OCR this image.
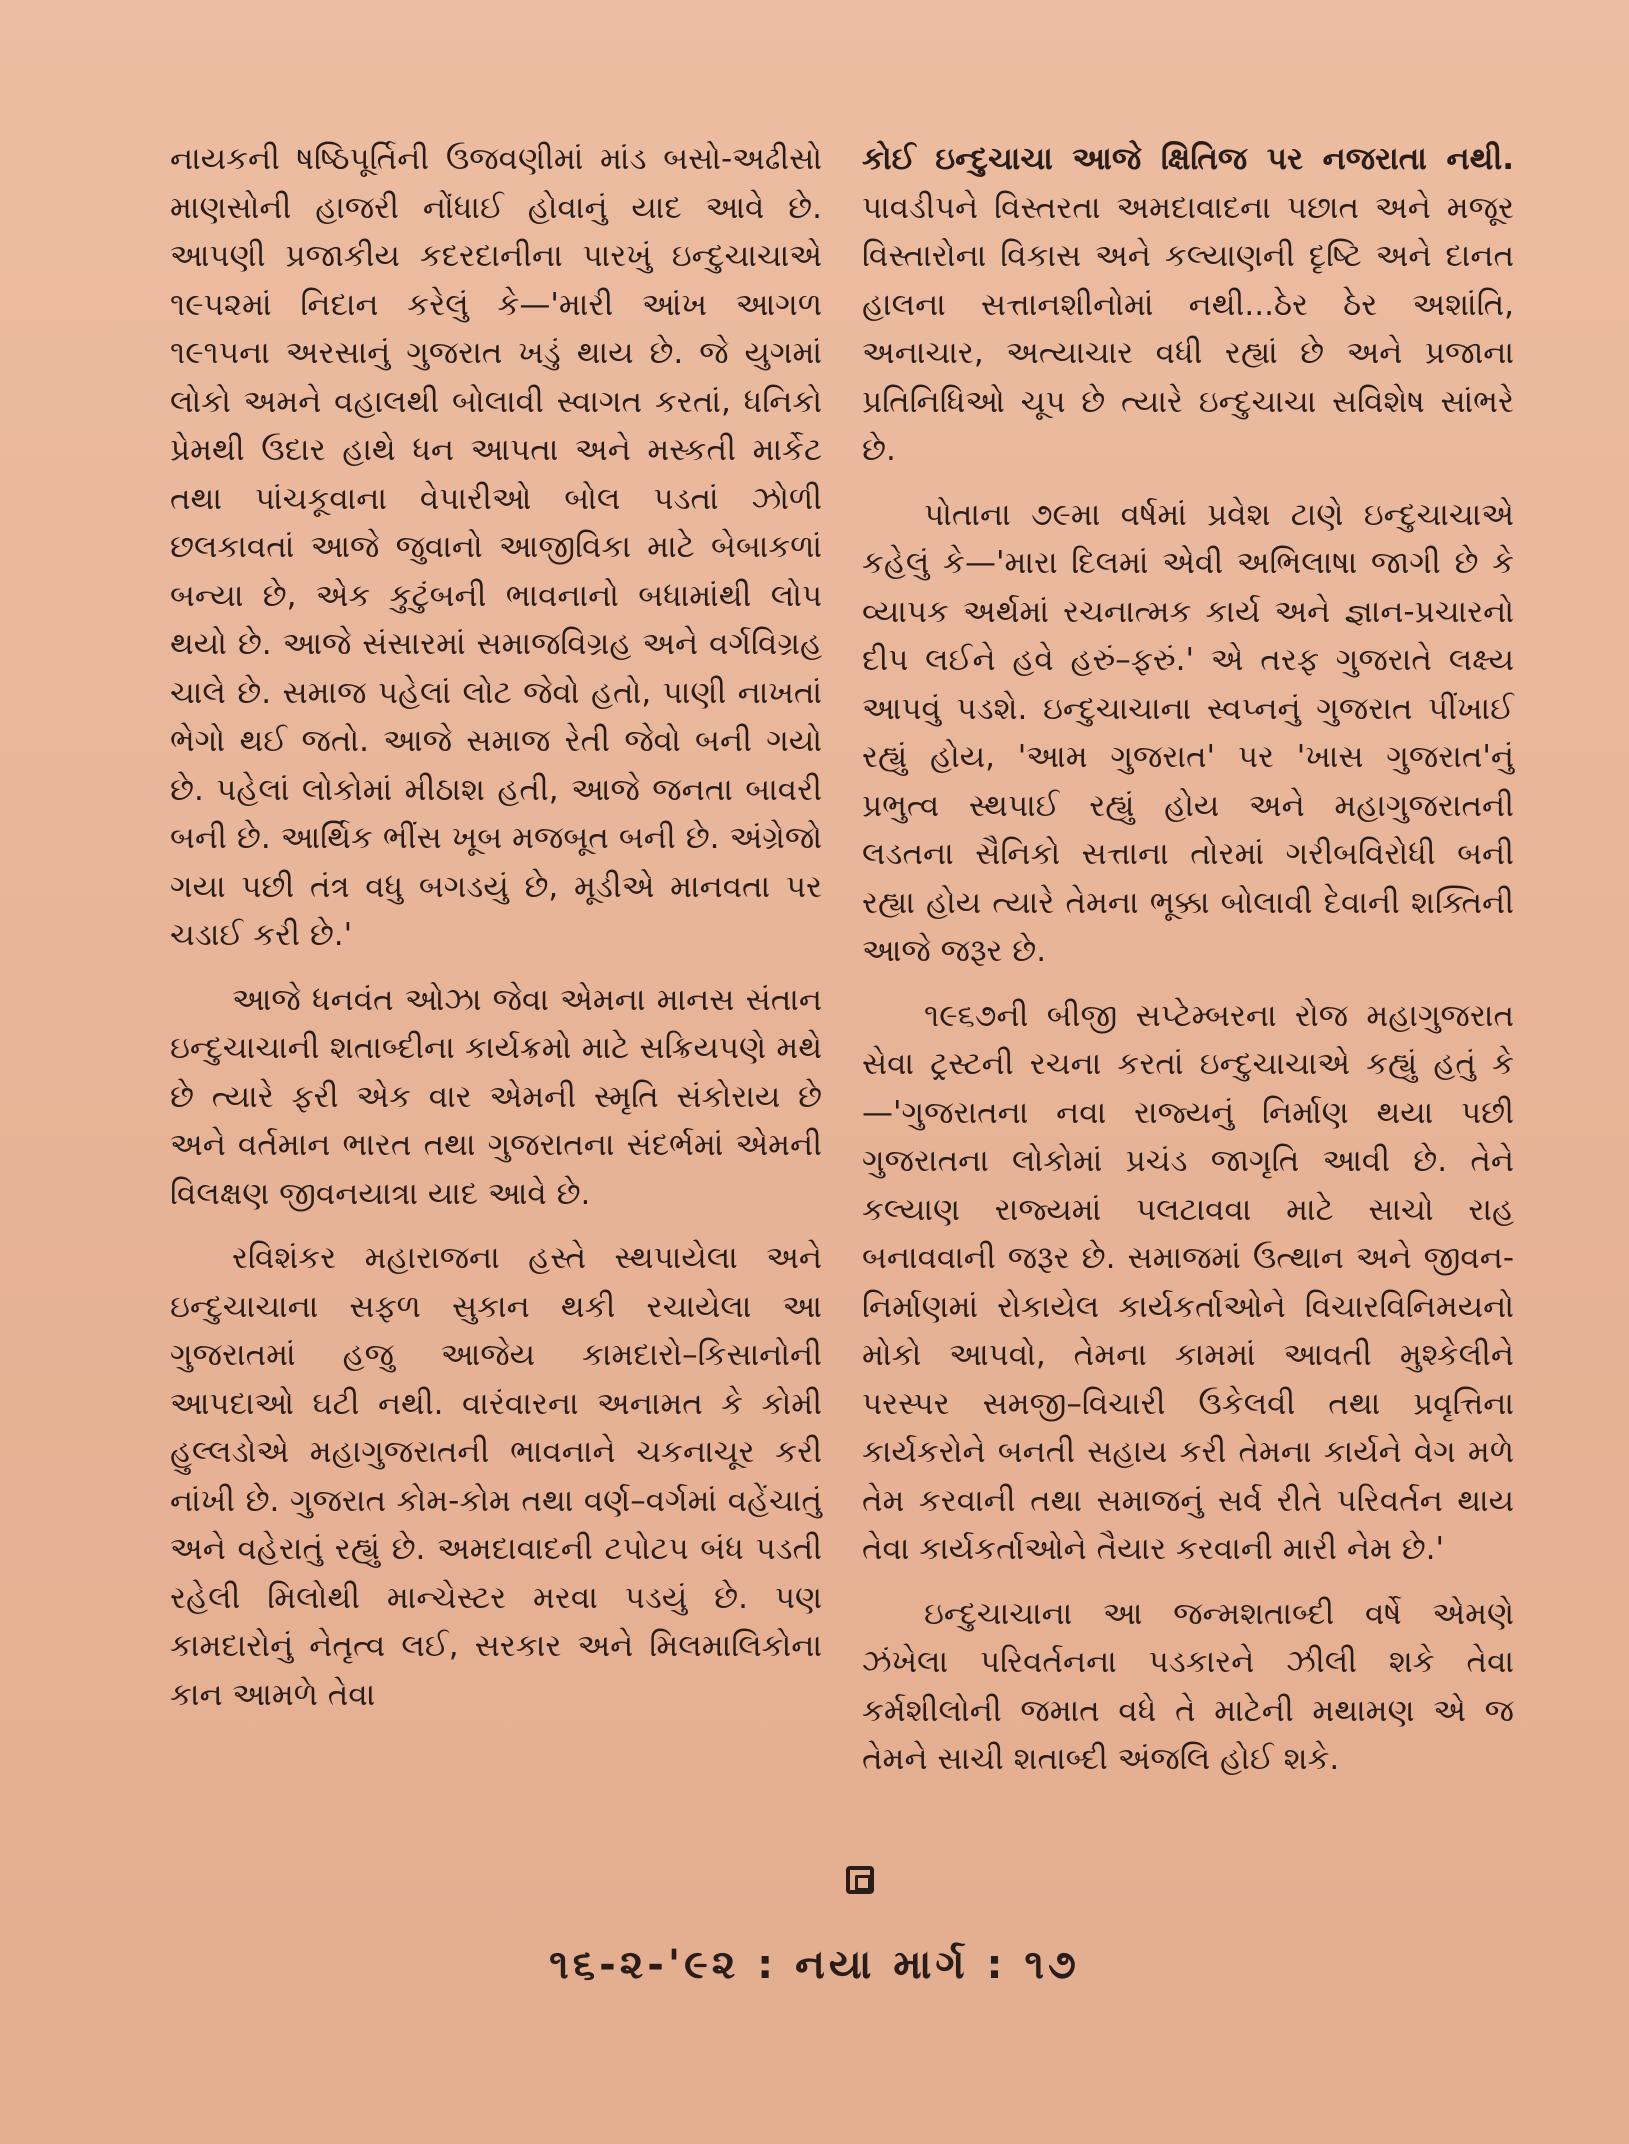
નાયકની ષષ્ઠિપૂર્તિની ઉજવણીમાં માંડ બસો-અઢીસો માણસોની હાજરી નોંધાઈ હોવાનું યાદ આવે છે. આપણી પ્રજાકીય કદરદાનીના પારખું ઇન્દુચાચાએ ૧૯૫૨માં નિદાન કરેલું કે—'મારી આંખ આગળ ૧૯૧૫ના અરસાનું ગુજરાત ખડું થાય છે. જે યુગમાં લોકો અમને વહાલથી બોલાવી સ્વાગત કરતાં, ધનિકો પ્રેમથી ઉદાર હાથે ધન આપતા અને મસ્કતી માર્કેટ તથા પાંચકૂવાના વેપારીઓ બોલ પડતાં ઝોળી છલકાવતાં આજે જુવાનો આજીવિકા માટે બેબાકળાં બન્યા છે, એક કુટુંબની ભાવનાનો બધામાંથી લોપ થયો છે. આજે સંસારમાં સમાજવિગ્રહ અને વર્ગવિગ્રહ ચાલે છે. સમાજ પહેલાં લોટ જેવો હતો, પાણી નાખતાં ભેગો થઈ જતો. આજે સમાજ રેતી જેવો બની ગયો છે. પહેલાં લોકોમાં મીઠાશ હતી, આજે જનતા બાવરી બની છે. આર્થિક ભીંસ ખૂબ મજબૂત બની છે. અંગ્રેજો ગયા પછી તંત્ર વધુ બગડયું છે, મૂડીએ માનવતા પર ચડાઈ કરી છે.'

આજે ધનવંત ઓઝા જેવા એમના માનસ સંતાન ઇન્દુચાચાની શતાબ્દીના કાર્યક્રમો માટે સક્રિયપણે મથે છે ત્યારે ફરી એક વાર એમની સ્મૃતિ સંકોરાય છે અને વર્તમાન ભારત તથા ગુજરાતના સંદર્ભમાં એમની વિલક્ષણ જીવનયાત્રા યાદ આવે છે.

રવિશંકર મહારાજના હસ્તે સ્થપાયેલા અને ઇન્દુચાચાના સફળ સુકાન થકી રચાયેલા આ ગુજરાતમાં હજુ આજેય કામદારો–કિસાનોની આપદાઓ ઘટી નથી. વારંવારના અનામત કે કોમી હુલ્લડોએ મહાગુજરાતની ભાવનાને ચકનાચૂર કરી નાંખી છે. ગુજરાત કોમ-કોમ તથા વર્ણ–વર્ગમાં વહેંચાતું અને વહેરાતું રહ્યું છે. અમદાવાદની ટપોટપ બંધ પડતી રહેલી મિલોથી માન્ચેસ્ટર મરવા પડયું છે. પણ કામદારોનું નેતૃત્વ લઈ, સરકાર અને મિલમાલિકોના કાન આમળે તેવા

કોઈ ઇન્દુચાચા આજે ક્ષિતિજ પર નજરાતા નથી. પાવડીપને વિસ્તરતા અમદાવાદના પછાત અને મજૂર વિસ્તારોના વિકાસ અને કલ્યાણની દૃષ્ટિ અને દાનત હાલના સત્તાનશીનોમાં નથી...ઠેર ઠેર અશાંતિ, અનાચાર, અત્યાચાર વધી રહ્યાં છે અને પ્રજાના પ્રતિનિધિઓ ચૂપ છે ત્યારે ઇન્દુચાચા સવિશેષ સાંભરે છે.

પોતાના ૭૯મા વર્ષમાં પ્રવેશ ટાણે ઇન્દુચાચાએ કહેલું કે—'મારા દિલમાં એવી અભિલાષા જાગી છે કે વ્યાપક અર્થમાં રચનાત્મક કાર્ય અને જ્ઞાન-પ્રચારનો દીપ લઈને હવે હરું–ફરું.' એ તરફ ગુજરાતે લક્ષ્ય આપવું પડશે. ઇન્દુચાચાના સ્વપ્નનું ગુજરાત પીંખાઈ રહ્યું હોય, 'આમ ગુજરાત' પર 'ખાસ ગુજરાત'નું પ્રભુત્વ સ્થપાઈ રહ્યું હોય અને મહાગુજરાતની લડતના સૈનિકો સત્તાના તોરમાં ગરીબવિરોધી બની રહ્યા હોય ત્યારે તેમના ભૂક્કા બોલાવી દેવાની શક્તિની આજે જરૂર છે.

૧૯૬૭ની બીજી સપ્ટેમ્બરના રોજ મહાગુજરાત સેવા ટ્રસ્ટની રચના કરતાં ઇન્દુચાચાએ કહ્યું હતું કે—'ગુજરાતના નવા રાજ્યનું નિર્માણ થયા પછી ગુજરાતના લોકોમાં પ્રચંડ જાગૃતિ આવી છે. તેને કલ્યાણ રાજ્યમાં પલટાવવા માટે સાચો રાહ બનાવવાની જરૂર છે. સમાજમાં ઉત્થાન અને જીવન-નિર્માણમાં રોકાયેલ કાર્યકર્તાઓને વિચારવિનિમયનો મોકો આપવો, તેમના કામમાં આવતી મુશ્કેલીને પરસ્પર સમજી–વિચારી ઉકેલવી તથા પ્રવૃત્તિના કાર્યકરોને બનતી સહાય કરી તેમના કાર્યને વેગ મળે તેમ કરવાની તથા સમાજનું સર્વ રીતે પરિવર્તન થાય તેવા કાર્યકર્તાઓને તૈયાર કરવાની મારી નેમ છે.'

ઇન્દુચાચાના આ જન્મશતાબ્દી વર્ષે એમણે ઝંખેલા પરિવર્તનના પડકારને ઝીલી શકે તેવા કર્મશીલોની જમાત વધે તે માટેની મથામણ એ જ તેમને સાચી શતાબ્દી અંજલિ હોઈ શકે.

૧૬-૨-'૯૨ : નયા માર્ગ : ૧૭
